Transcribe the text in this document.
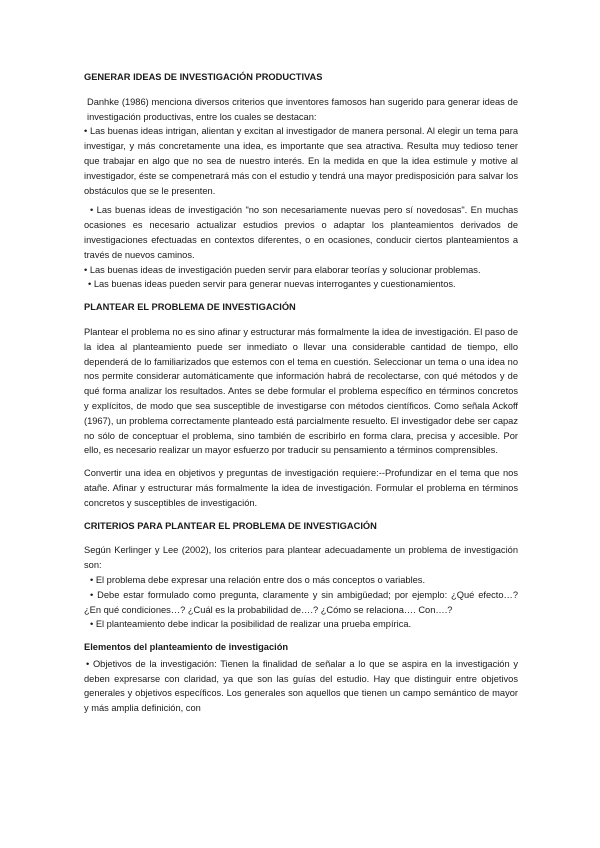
GENERAR IDEAS DE INVESTIGACIÓN PRODUCTIVAS

Danhke (1986) menciona diversos criterios que inventores famosos han sugerido para generar ideas de investigación productivas, entre los cuales se destacan:

• Las buenas ideas intrigan, alientan y excitan al investigador de manera personal. Al elegir un tema para investigar, y más concretamente una idea, es importante que sea atractiva. Resulta muy tedioso tener que trabajar en algo que no sea de nuestro interés. En la medida en que la idea estimule y motive al investigador, éste se compenetrará más con el estudio y tendrá una mayor predisposición para salvar los obstáculos que se le presenten.

• Las buenas ideas de investigación "no son necesariamente nuevas pero sí novedosas". En muchas ocasiones es necesario actualizar estudios previos o adaptar los planteamientos derivados de investigaciones efectuadas en contextos diferentes, o en ocasiones, conducir ciertos planteamientos a través de nuevos caminos.

• Las buenas ideas de investigación pueden servir para elaborar teorías y solucionar problemas.

• Las buenas ideas pueden servir para generar nuevas interrogantes y cuestionamientos.

PLANTEAR EL PROBLEMA DE INVESTIGACIÓN

Plantear el problema no es sino afinar y estructurar más formalmente la idea de investigación. El paso de la idea al planteamiento puede ser inmediato o llevar una considerable cantidad de tiempo, ello dependerá de lo familiarizados que estemos con el tema en cuestión. Seleccionar un tema o una idea no nos permite considerar automáticamente que información habrá de recolectarse, con qué métodos y de qué forma analizar los resultados. Antes se debe formular el problema específico en términos concretos y explícitos, de modo que sea susceptible de investigarse con métodos científicos. Como señala Ackoff (1967), un problema correctamente planteado está parcialmente resuelto. El investigador debe ser capaz no sólo de conceptuar el problema, sino también de escribirlo en forma clara, precisa y accesible. Por ello, es necesario realizar un mayor esfuerzo por traducir su pensamiento a términos comprensibles.

Convertir una idea en objetivos y preguntas de investigación requiere:--Profundizar en el tema que nos atañe. Afinar y estructurar más formalmente la idea de investigación. Formular el problema en términos concretos y susceptibles de investigación.

CRITERIOS PARA PLANTEAR EL PROBLEMA DE INVESTIGACIÓN

Según Kerlinger y Lee (2002), los criterios para plantear adecuadamente un problema de investigación son:

• El problema debe expresar una relación entre dos o más conceptos o variables.

• Debe estar formulado como pregunta, claramente y sin ambigüedad; por ejemplo: ¿Qué efecto…? ¿En qué condiciones…? ¿Cuál es la probabilidad de….? ¿Cómo se relaciona…. Con….?

• El planteamiento debe indicar la posibilidad de realizar una prueba empírica.

Elementos del planteamiento de investigación

• Objetivos de la investigación: Tienen la finalidad de señalar a lo que se aspira en la investigación y deben expresarse con claridad, ya que son las guías del estudio. Hay que distinguir entre objetivos generales y objetivos específicos. Los generales son aquellos que tienen un campo semántico de mayor y más amplia definición, con
